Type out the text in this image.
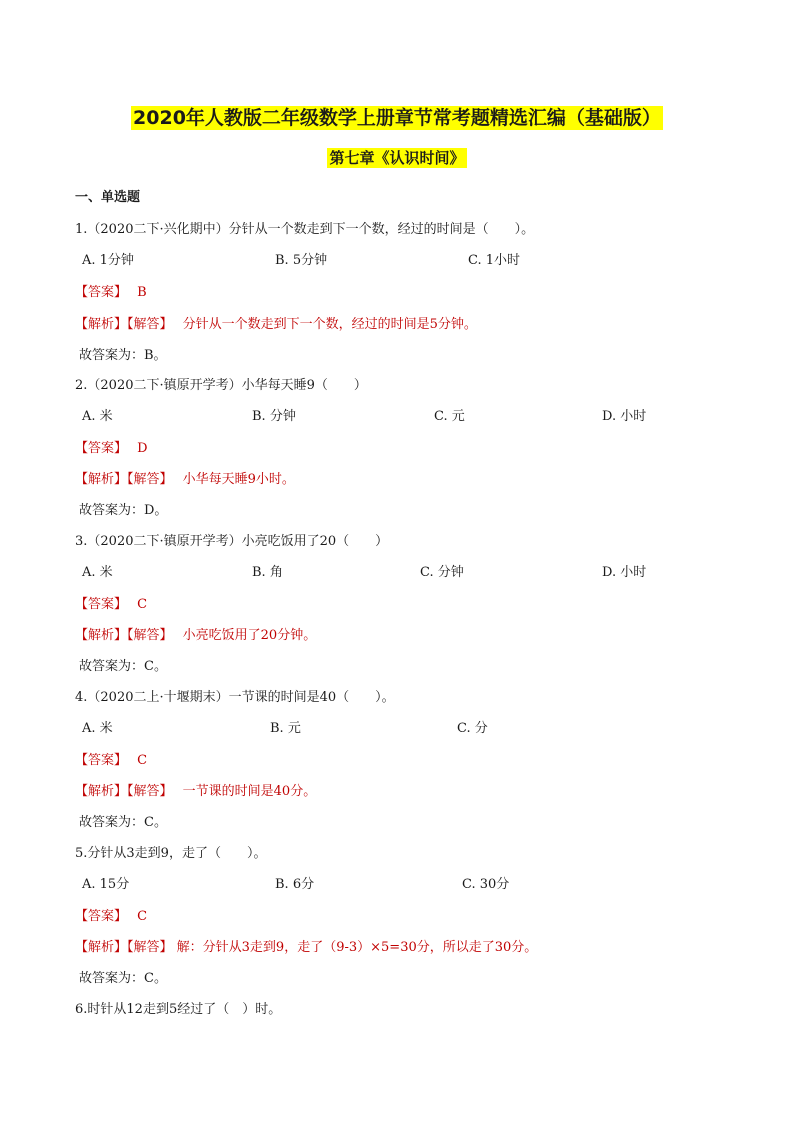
2020年人教版二年级数学上册章节常考题精选汇编（基础版）
第七章《认识时间》
一、单选题
1.（2020二下·兴化期中）分针从一个数走到下一个数，经过的时间是（　　）。
A. 1分钟	B. 5分钟	C. 1小时
【答案】 B
【解析】【解答】 分针从一个数走到下一个数，经过的时间是5分钟。
故答案为：B。
2.（2020二下·镇原开学考）小华每天睡9（　　）
A. 米	B. 分钟	C. 元	D. 小时
【答案】 D
【解析】【解答】 小华每天睡9小时。
故答案为：D。
3.（2020二下·镇原开学考）小亮吃饭用了20（　　）
A. 米	B. 角	C. 分钟	D. 小时
【答案】 C
【解析】【解答】 小亮吃饭用了20分钟。
故答案为：C。
4.（2020二上·十堰期末）一节课的时间是40（　　）。
A. 米	B. 元	C. 分
【答案】 C
【解析】【解答】 一节课的时间是40分。
故答案为：C。
5.分针从3走到9，走了（　　）。
A. 15分	B. 6分	C. 30分
【答案】 C
【解析】【解答】 解：分针从3走到9，走了（9-3）×5=30分，所以走了30分。
故答案为：C。
6.时针从12走到5经过了（　）时。
